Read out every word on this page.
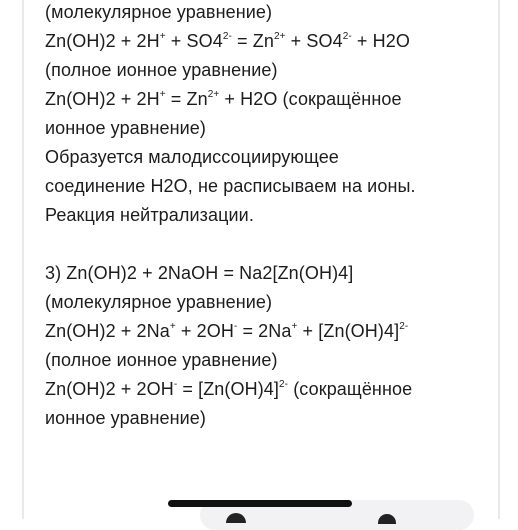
(молекулярное уравнение)
$Zn(OH)2 + 2H^+ + SO4^{2-} = Zn^{2+} + SO4^{2-} + H2O$
(полное ионное уравнение)
$Zn(OH)2 + 2H^+ = Zn^{2+} + H2O$ (сокращённое
ионное уравнение)
Образуется малодиссоциирующее
соединение H2O, не расписываем на ионы.
Реакция нейтрализации.
3) Zn(OH)2 + 2NaOH = Na2[Zn(OH)4]
(молекулярное уравнение)
$Zn(OH)2 + 2Na^+ + 2OH^- = 2Na^+ + [Zn(OH)4]^{2-}$
(полное ионное уравнение)
$Zn(OH)2 + 2OH^- = [Zn(OH)4]^{2-}$ (сокращённое
ионное уравнение)
